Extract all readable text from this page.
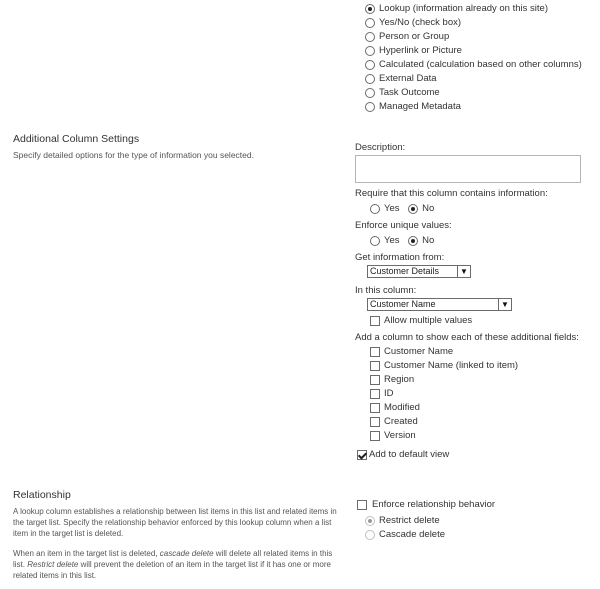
Lookup (information already on this site)
Yes/No (check box)
Person or Group
Hyperlink or Picture
Calculated (calculation based on other columns)
External Data
Task Outcome
Managed Metadata
Additional Column Settings
Specify detailed options for the type of information you selected.
Description:
Require that this column contains information:
Yes No
Enforce unique values:
Yes No
Get information from:
Customer Details	▼
In this column:
Customer Name	▼
Allow multiple values
Add a column to show each of these additional fields:
Customer Name
Customer Name (linked to item)
Region
ID
Modified
Created
Version
Add to default view
Relationship
A lookup column establishes a relationship between list items in this list and related items in the target list. Specify the relationship behavior enforced by this lookup column when a list item in the target list is deleted.
When an item in the target list is deleted, cascade delete will delete all related items in this list. Restrict delete will prevent the deletion of an item in the target list if it has one or more related items in this list.
Enforce relationship behavior
Restrict delete
Cascade delete
